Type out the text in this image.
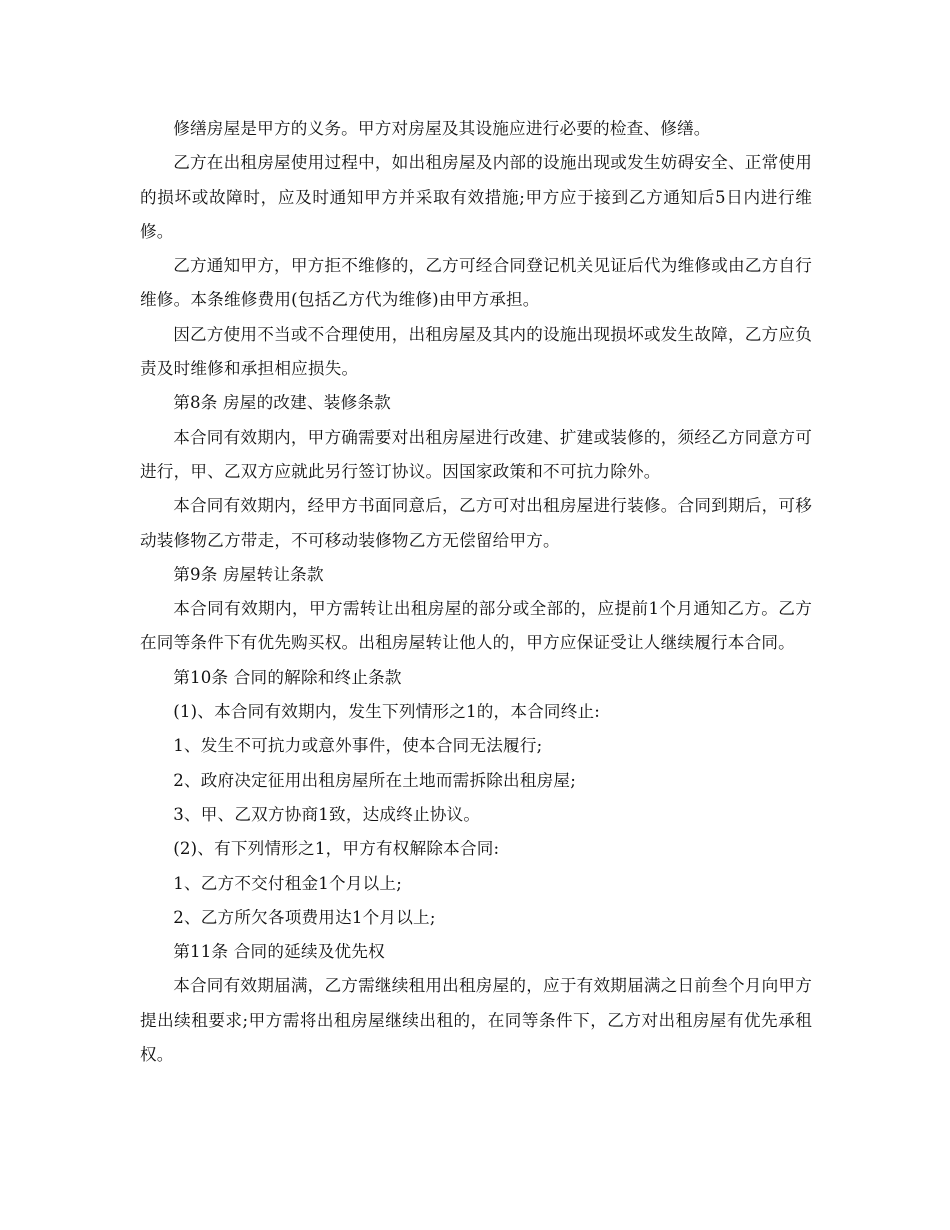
修缮房屋是甲方的义务。甲方对房屋及其设施应进行必要的检查、修缮。

乙方在出租房屋使用过程中，如出租房屋及内部的设施出现或发生妨碍安全、正常使用的损坏或故障时，应及时通知甲方并采取有效措施;甲方应于接到乙方通知后5日内进行维修。

乙方通知甲方，甲方拒不维修的，乙方可经合同登记机关见证后代为维修或由乙方自行维修。本条维修费用(包括乙方代为维修)由甲方承担。

因乙方使用不当或不合理使用，出租房屋及其内的设施出现损坏或发生故障，乙方应负责及时维修和承担相应损失。

第8条 房屋的改建、装修条款

本合同有效期内，甲方确需要对出租房屋进行改建、扩建或装修的，须经乙方同意方可进行，甲、乙双方应就此另行签订协议。因国家政策和不可抗力除外。

本合同有效期内，经甲方书面同意后，乙方可对出租房屋进行装修。合同到期后，可移动装修物乙方带走，不可移动装修物乙方无偿留给甲方。

第9条 房屋转让条款

本合同有效期内，甲方需转让出租房屋的部分或全部的，应提前1个月通知乙方。乙方在同等条件下有优先购买权。出租房屋转让他人的，甲方应保证受让人继续履行本合同。

第10条 合同的解除和终止条款

(1)、本合同有效期内，发生下列情形之1的，本合同终止:

1、发生不可抗力或意外事件，使本合同无法履行;

2、政府决定征用出租房屋所在土地而需拆除出租房屋;

3、甲、乙双方协商1致，达成终止协议。

(2)、有下列情形之1，甲方有权解除本合同:

1、乙方不交付租金1个月以上;

2、乙方所欠各项费用达1个月以上;

第11条 合同的延续及优先权

本合同有效期届满，乙方需继续租用出租房屋的，应于有效期届满之日前叁个月向甲方提出续租要求;甲方需将出租房屋继续出租的，在同等条件下，乙方对出租房屋有优先承租权。
